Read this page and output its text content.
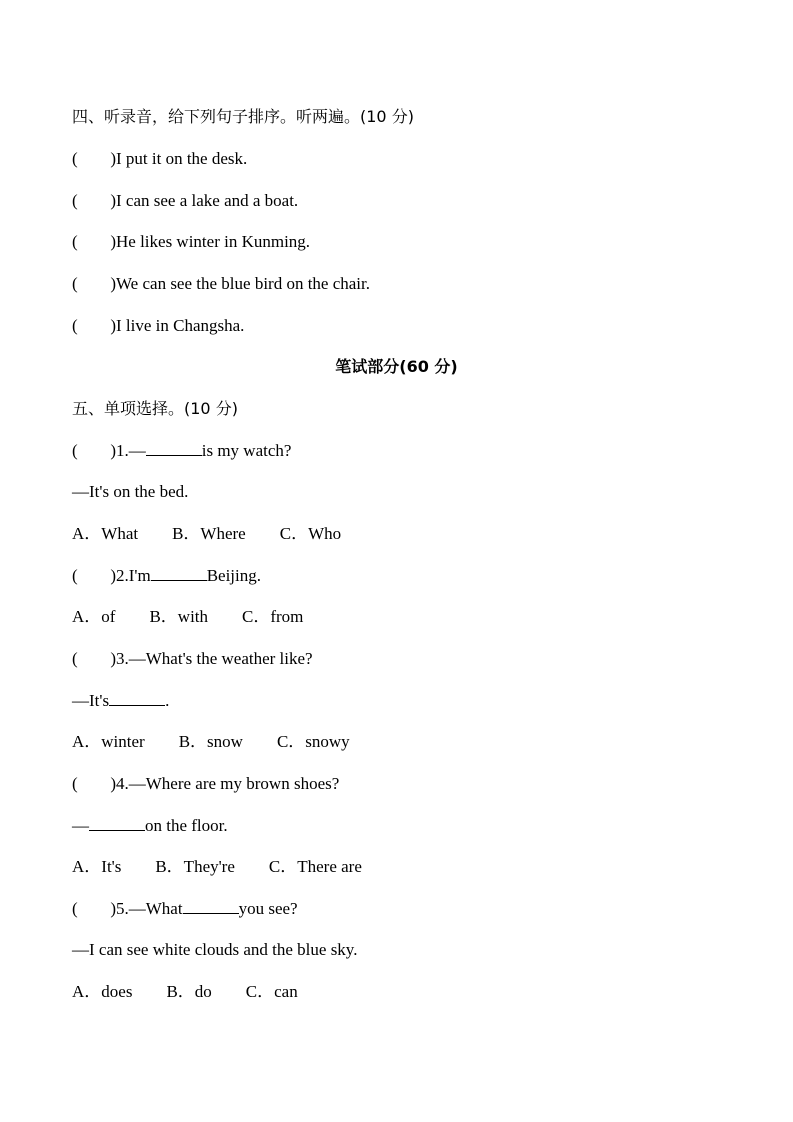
四、听录音，给下列句子排序。听两遍。(10 分)
( ) I put it on the desk.
( ) I can see a lake and a boat.
( ) He likes winter in Kunming.
( ) We can see the blue bird on the chair.
( ) I live in Changsha.
笔试部分(60 分)
五、单项选择。(10 分)
( ) 1.—	is my watch?
—It's on the bed.
A．What B．Where C．Who
( ) 2.I'm	Beijing.
A．of B．with C．from
( ) 3.—What's the weather like?
—It's	.
A．winter B．snow C．snowy
( ) 4.—Where are my brown shoes?
—	on the floor.
A．It's B．They're C．There are
( ) 5.—What	you see?
—I can see white clouds and the blue sky.
A．does B．do C．can
